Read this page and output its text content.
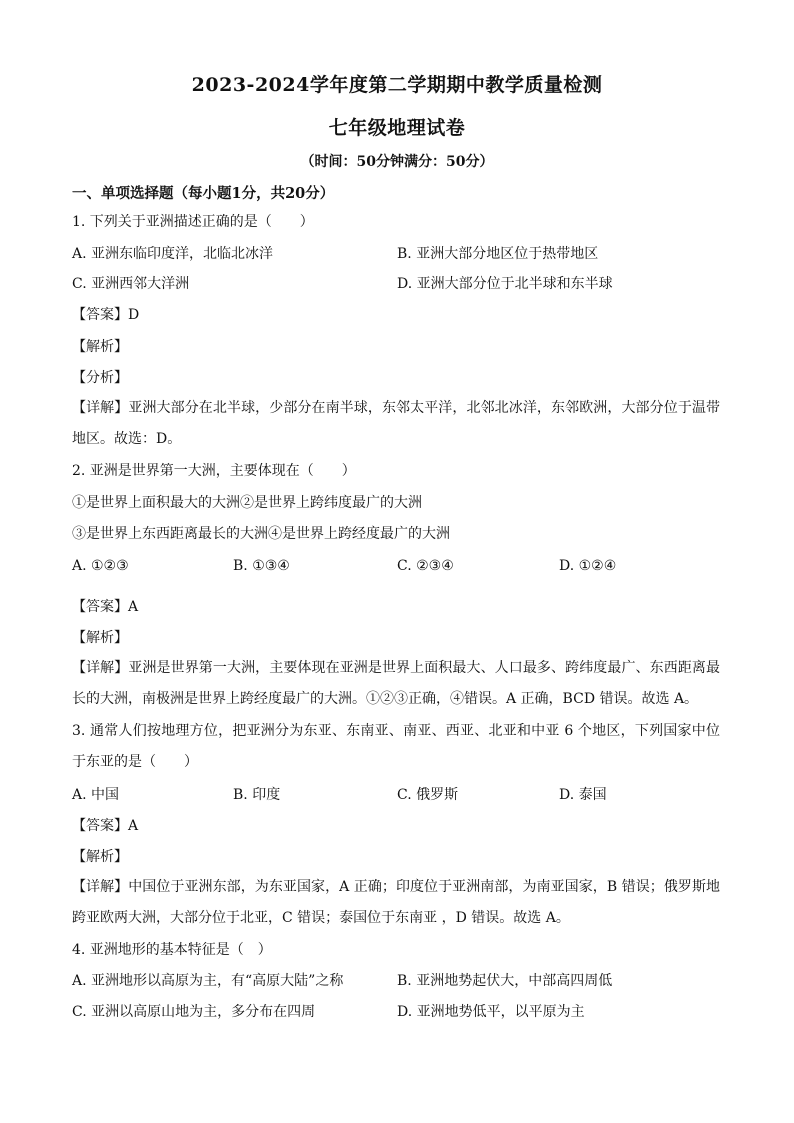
2023-2024学年度第二学期期中教学质量检测
七年级地理试卷
（时间：50分钟满分：50分）
一、单项选择题（每小题1分，共20分）
1. 下列关于亚洲描述正确的是（　　）
A. 亚洲东临印度洋，北临北冰洋	B. 亚洲大部分地区位于热带地区
C. 亚洲西邻大洋洲	D. 亚洲大部分位于北半球和东半球
【答案】D
【解析】
【分析】
【详解】亚洲大部分在北半球，少部分在南半球，东邻太平洋，北邻北冰洋，东邻欧洲，大部分位于温带地区。故选：D。
2. 亚洲是世界第一大洲，主要体现在（　　）
①是世界上面积最大的大洲②是世界上跨纬度最广的大洲
③是世界上东西距离最长的大洲④是世界上跨经度最广的大洲
A. ①②③	B. ①③④	C. ②③④	D. ①②④
【答案】A
【解析】
【详解】亚洲是世界第一大洲，主要体现在亚洲是世界上面积最大、人口最多、跨纬度最广、东西距离最长的大洲，南极洲是世界上跨经度最广的大洲。①②③正确，④错误。A 正确，BCD 错误。故选 A。
3. 通常人们按地理方位，把亚洲分为东亚、东南亚、南亚、西亚、北亚和中亚 6 个地区，下列国家中位于东亚的是（　　）
A. 中国	B. 印度	C. 俄罗斯	D. 泰国
【答案】A
【解析】
【详解】中国位于亚洲东部，为东亚国家，A 正确；印度位于亚洲南部，为南亚国家，B 错误；俄罗斯地跨亚欧两大洲，大部分位于北亚，C 错误；泰国位于东南亚 ，D 错误。故选 A。
4. 亚洲地形的基本特征是（　）
A. 亚洲地形以高原为主，有“高原大陆”之称	B. 亚洲地势起伏大，中部高四周低
C. 亚洲以高原山地为主，多分布在四周	D. 亚洲地势低平，以平原为主
